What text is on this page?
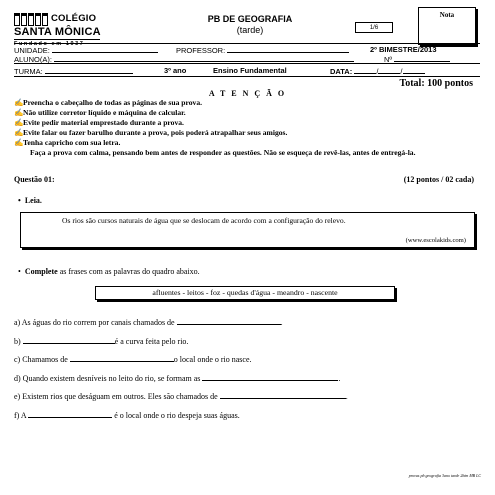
COLÉGIO
SANTA MÔNICA
Fundado em 1937
PB DE GEOGRAFIA
(tarde)	1/6
Nota
UNIDADE:	PROFESSOR:	2º BIMESTRE/2013
ALUNO(A):	Nº
TURMA:	3º ano	Ensino Fundamental	DATA:	/	/
Total: 100 pontos
A T E N Ç Ã O
✍Preencha o cabeçalho de todas as páginas de sua prova.
✍Não utilize corretor líquido e máquina de calcular.
✍Evite pedir material emprestado durante a prova.
✍Evite falar ou fazer barulho durante a prova, pois poderá atrapalhar seus amigos.
✍Tenha capricho com sua letra.
Faça a prova com calma, pensando bem antes de responder as questões. Não se esqueça de revê-las, antes de entregá-la.
Questão 01:	(12 pontos / 02 cada)
• Leia.
Os rios são cursos naturais de água que se deslocam de acordo com a configuração do relevo.
(www.escolakids.com)
• Complete as frases com as palavras do quadro abaixo.
afluentes - leitos - foz - quedas d'água - meandro - nascente
a) As águas do rio correm por canais chamados de	.
b)	é a curva feita pelo rio.
c) Chamamos de	o local onde o rio nasce.
d) Quando existem desníveis no leito do rio, se formam as	.
e) Existem rios que deságuam em outros. Eles são chamados de	.
f) A	é o local onde o rio despeja suas águas.
provas pb geografia 3ano tarde 2bim MB LC
